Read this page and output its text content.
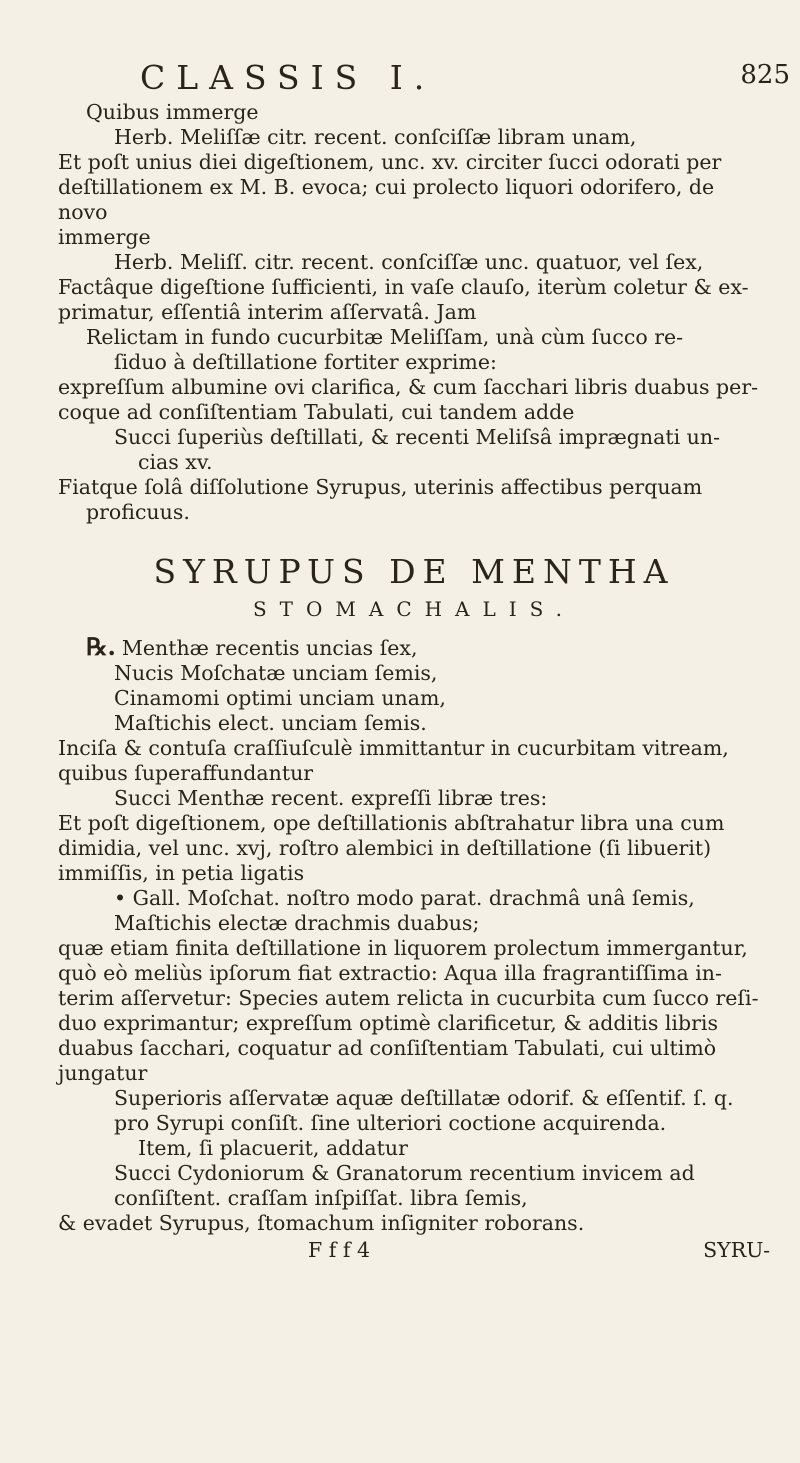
CLASSIS I.	825

Quibus immerge

Herb. Meliſſæ citr. recent. conſciſſæ libram unam,

Et poſt unius diei digeſtionem, unc. xv. circiter ſucci odorati per

deſtillationem ex M. B. evoca; cui prolecto liquori odorifero, de novo

immerge

Herb. Meliſſ. citr. recent. conſciſſæ unc. quatuor, vel ſex,

Factâque digeſtione ſufficienti, in vaſe clauſo, iterùm coletur & ex-

primatur, eſſentiâ interim aſſervatâ. Jam

Relictam in fundo cucurbitæ Meliſſam, unà cùm ſucco re-

ſiduo à deſtillatione fortiter exprime:

expreſſum albumine ovi clarifica, & cum ſacchari libris duabus per-

coque ad conſiſtentiam Tabulati, cui tandem adde

Succi ſuperiùs deſtillati, & recenti Meliſsâ imprægnati un-

cias xv.

Fiatque ſolâ diſſolutione Syrupus, uterinis affectibus perquam

proficuus.

SYRUPUS DE MENTHA

STOMACHALIS.

℞. Menthæ recentis uncias ſex,

Nucis Moſchatæ unciam ſemis,

Cinamomi optimi unciam unam,

Maſtichis elect. unciam ſemis.

Inciſa & contuſa craſſiuſculè immittantur in cucurbitam vitream,

quibus ſuperaffundantur

Succi Menthæ recent. expreſſi libræ tres:

Et poſt digeſtionem, ope deſtillationis abſtrahatur libra una cum

dimidia, vel unc. xvj, roſtro alembici in deſtillatione (ſi libuerit)

immiſſis, in petia ligatis

• Gall. Moſchat. noſtro modo parat. drachmâ unâ ſemis,

Maſtichis electæ drachmis duabus;

quæ etiam finita deſtillatione in liquorem prolectum immergantur,

quò eò meliùs ipſorum fiat extractio: Aqua illa fragrantiſſima in-

terim aſſervetur: Species autem relicta in cucurbita cum ſucco reſi-

duo exprimantur; expreſſum optimè clarificetur, & additis libris

duabus ſacchari, coquatur ad conſiſtentiam Tabulati, cui ultimò

jungatur

Superioris aſſervatæ aquæ deſtillatæ odorif. & eſſentif. ſ. q.

pro Syrupi conſiſt. ſine ulteriori coctione acquirenda.

Item, ſi placuerit, addatur

Succi Cydoniorum & Granatorum recentium invicem ad

conſiſtent. craſſam inſpiſſat. libra ſemis,

& evadet Syrupus, ſtomachum inſigniter roborans.

F f f 4	SYRU-
